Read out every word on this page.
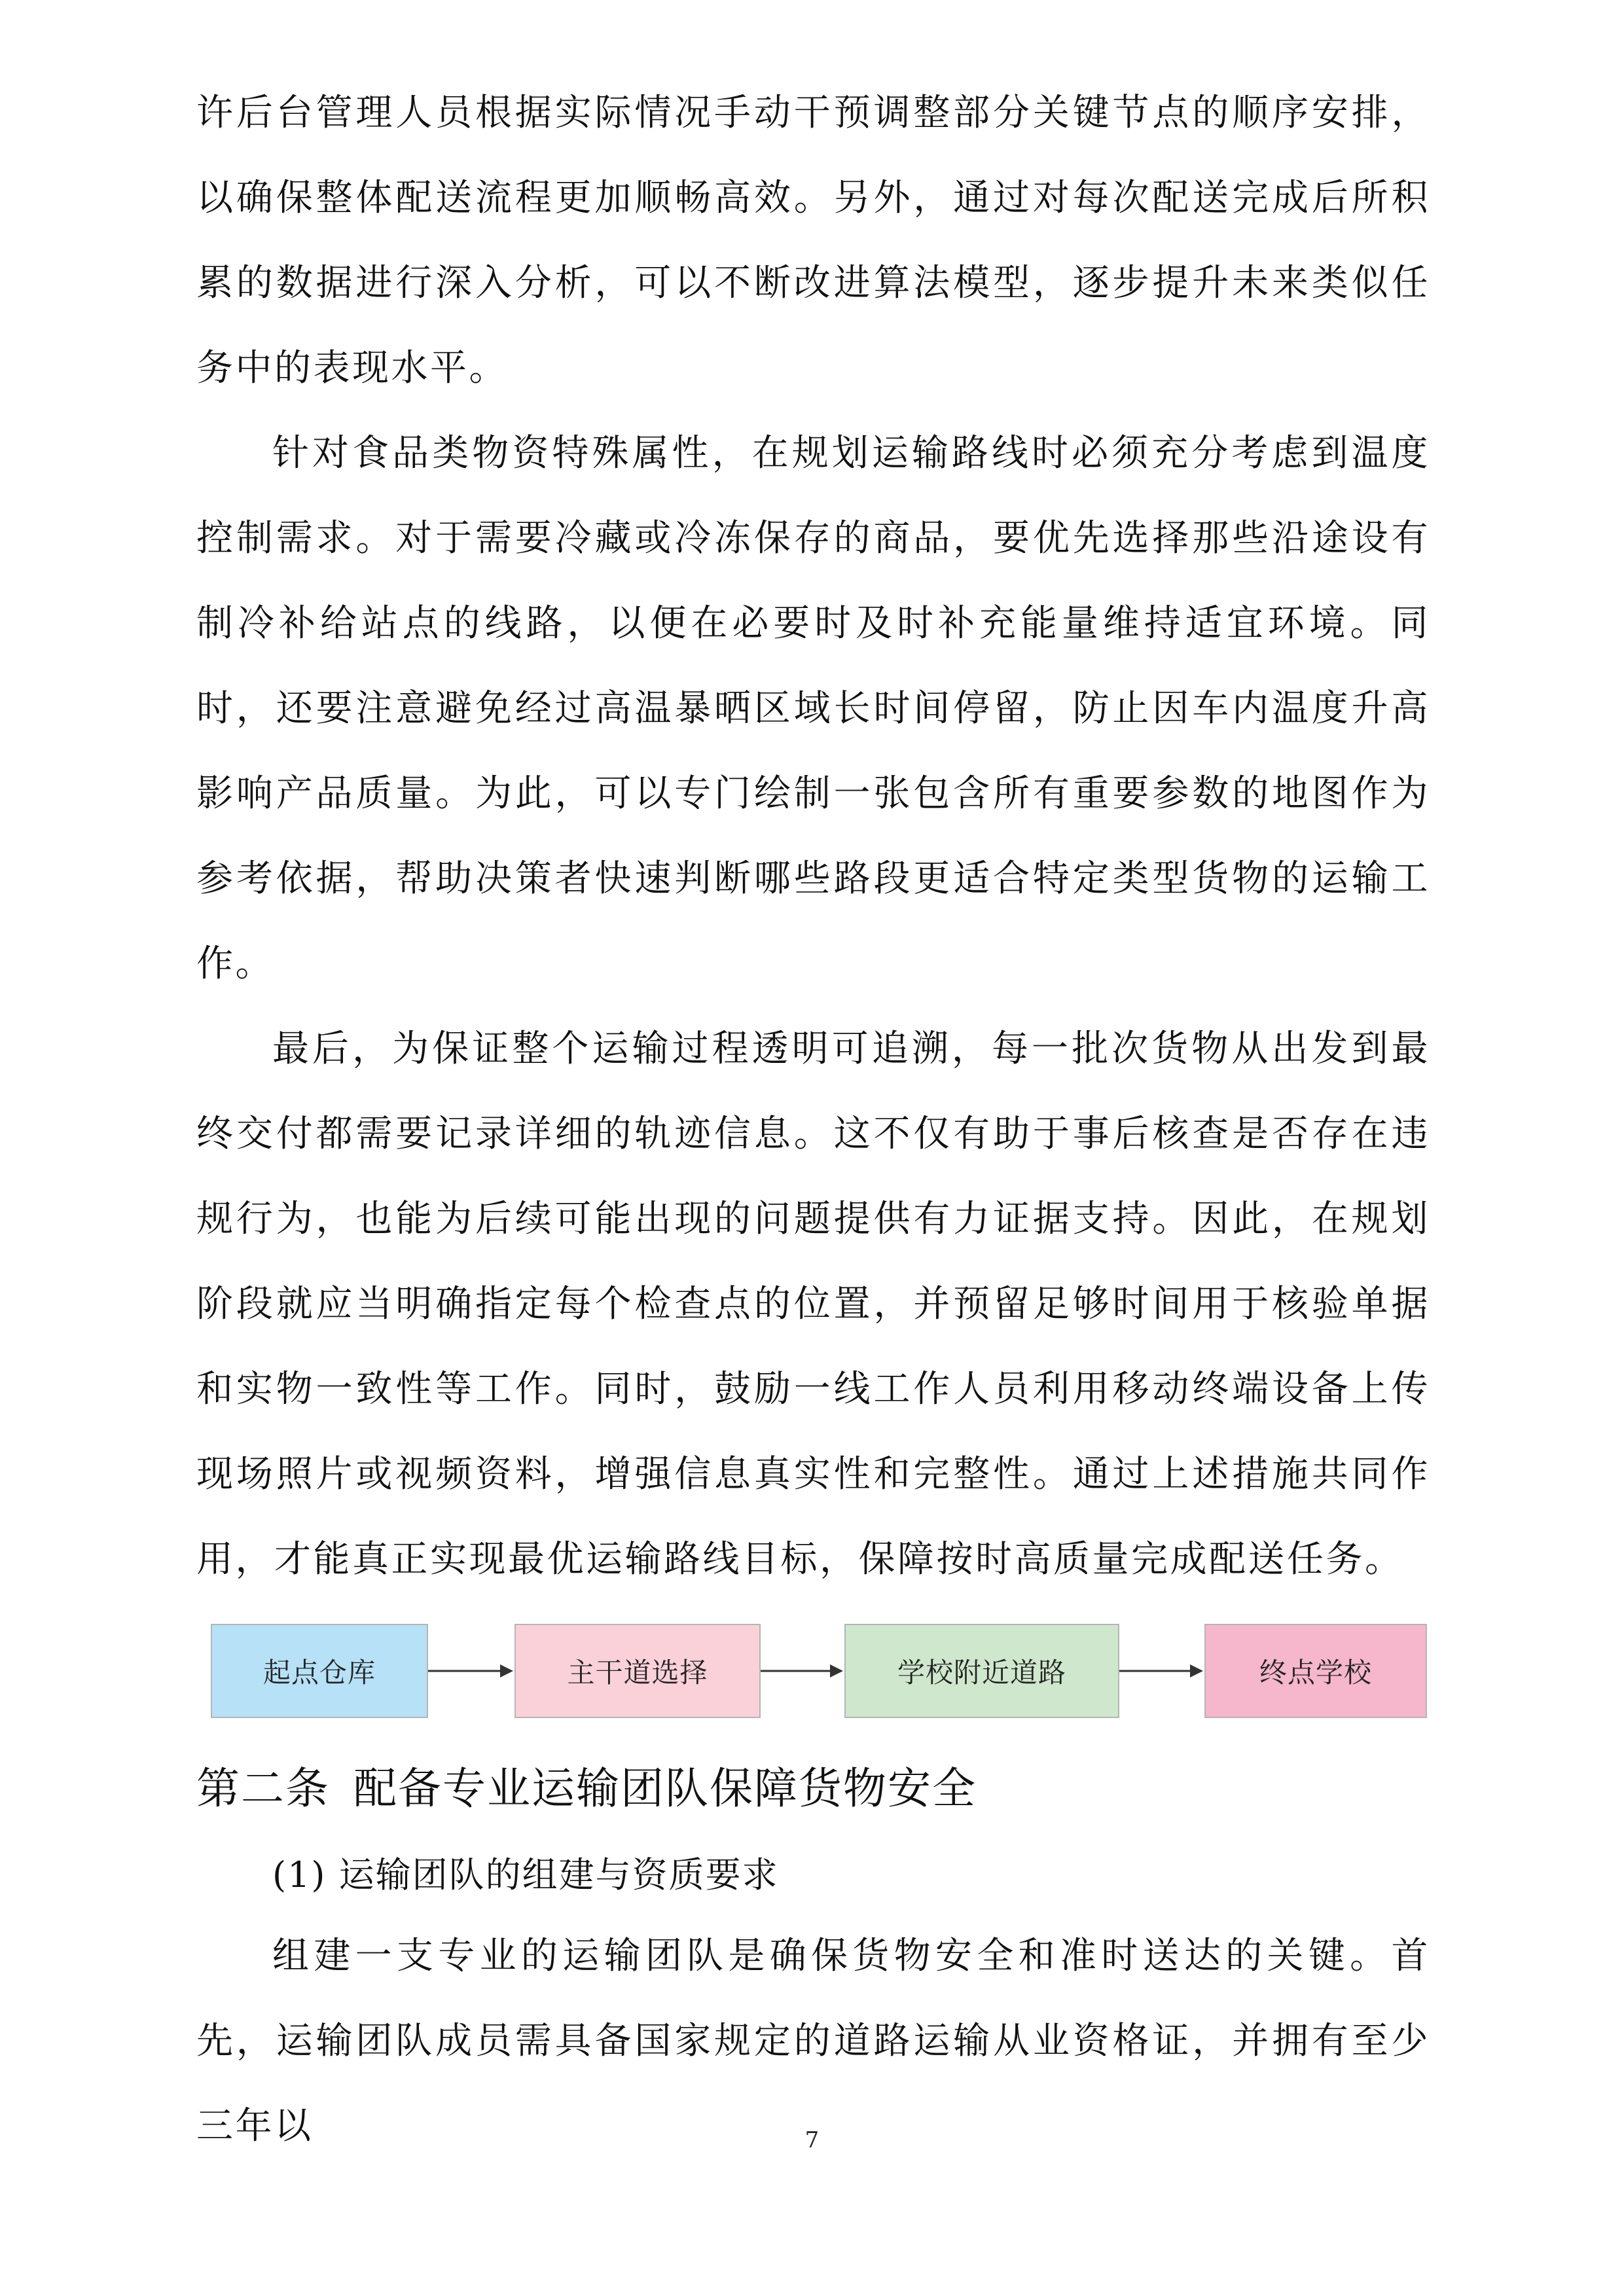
许后台管理人员根据实际情况手动干预调整部分关键节点的顺序安排，以确保整体配送流程更加顺畅高效。另外，通过对每次配送完成后所积累的数据进行深入分析，可以不断改进算法模型，逐步提升未来类似任务中的表现水平。

针对食品类物资特殊属性，在规划运输路线时必须充分考虑到温度控制需求。对于需要冷藏或冷冻保存的商品，要优先选择那些沿途设有制冷补给站点的线路，以便在必要时及时补充能量维持适宜环境。同时，还要注意避免经过高温暴晒区域长时间停留，防止因车内温度升高影响产品质量。为此，可以专门绘制一张包含所有重要参数的地图作为参考依据，帮助决策者快速判断哪些路段更适合特定类型货物的运输工作。

最后，为保证整个运输过程透明可追溯，每一批次货物从出发到最终交付都需要记录详细的轨迹信息。这不仅有助于事后核查是否存在违规行为，也能为后续可能出现的问题提供有力证据支持。因此，在规划阶段就应当明确指定每个检查点的位置，并预留足够时间用于核验单据和实物一致性等工作。同时，鼓励一线工作人员利用移动终端设备上传现场照片或视频资料，增强信息真实性和完整性。通过上述措施共同作用，才能真正实现最优运输路线目标，保障按时高质量完成配送任务。

起点仓库	主干道选择	学校附近道路	终点学校
第二条 配备专业运输团队保障货物安全

(1) 运输团队的组建与资质要求

组建一支专业的运输团队是确保货物安全和准时送达的关键。首先，运输团队成员需具备国家规定的道路运输从业资格证，并拥有至少三年以	7
